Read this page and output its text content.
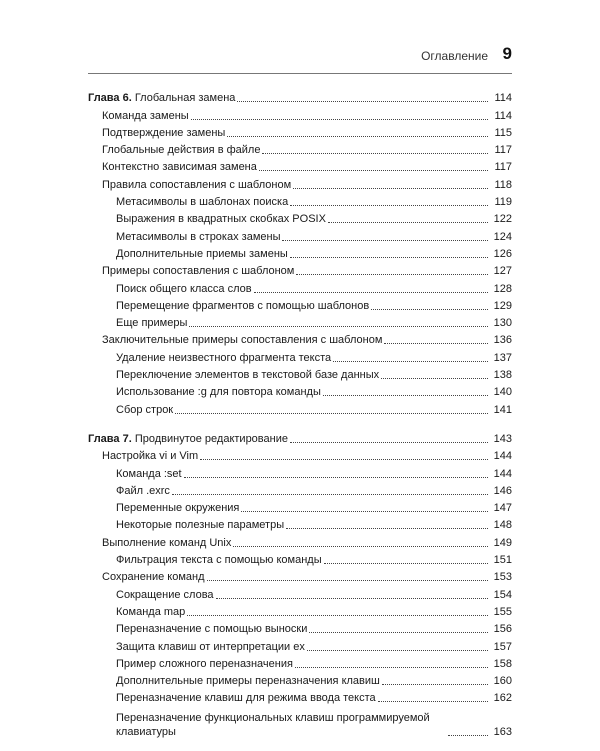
Оглавление 9
Глава 6. Глобальная замена	114
Команда замены	114
Подтверждение замены	115
Глобальные действия в файле	117
Контекстно зависимая замена	117
Правила сопоставления с шаблоном	118
Метасимволы в шаблонах поиска	119
Выражения в квадратных скобках POSIX	122
Метасимволы в строках замены	124
Дополнительные приемы замены	126
Примеры сопоставления с шаблоном	127
Поиск общего класса слов	128
Перемещение фрагментов с помощью шаблонов	129
Еще примеры	130
Заключительные примеры сопоставления с шаблоном	136
Удаление неизвестного фрагмента текста	137
Переключение элементов в текстовой базе данных	138
Использование :g для повтора команды	140
Сбор строк	141
Глава 7. Продвинутое редактирование	143
Настройка vi и Vim	144
Команда :set	144
Файл .exrc	146
Переменные окружения	147
Некоторые полезные параметры	148
Выполнение команд Unix	149
Фильтрация текста с помощью команды	151
Сохранение команд	153
Сокращение слова	154
Команда map	155
Переназначение с помощью выноски	156
Защита клавиш от интерпретации ex	157
Пример сложного переназначения	158
Дополнительные примеры переназначения клавиш	160
Переназначение клавиш для режима ввода текста	162
Переназначение функциональных клавиш программируемой клавиатуры	163
